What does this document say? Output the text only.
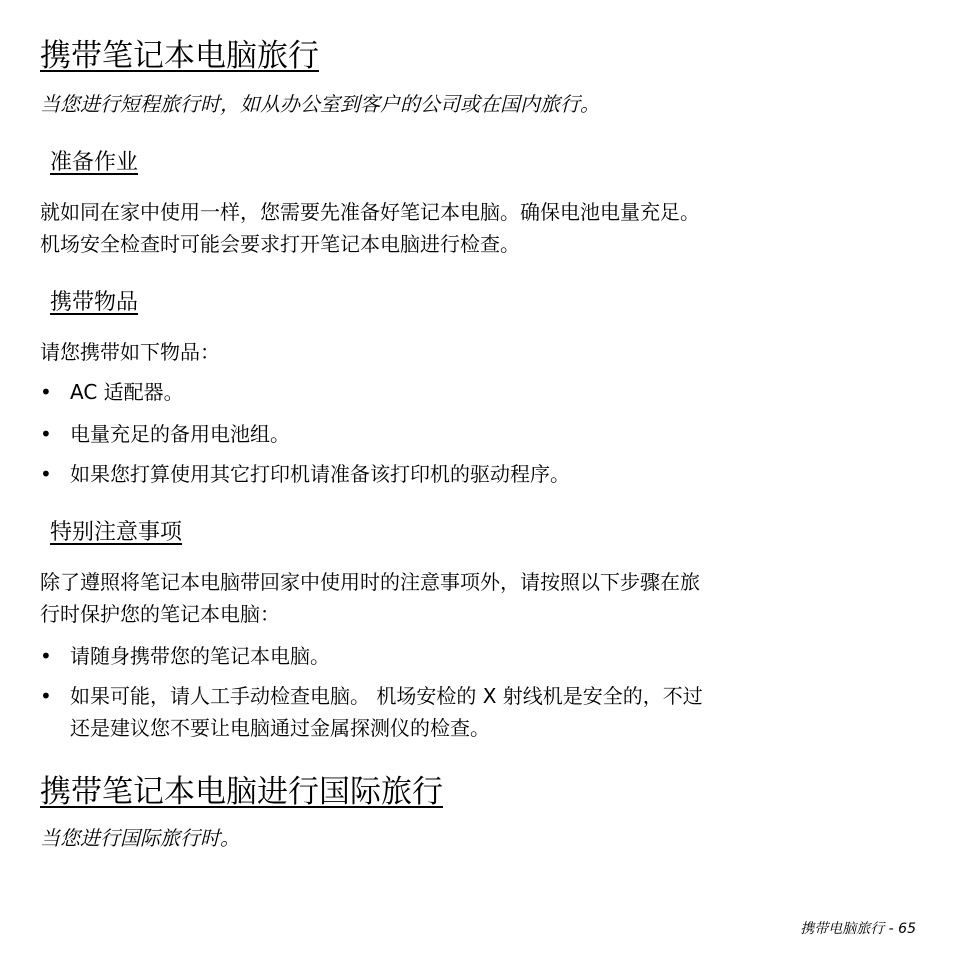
携带笔记本电脑旅行
当您进行短程旅行时，如从办公室到客户的公司或在国内旅行。
准备作业
就如同在家中使用一样，您需要先准备好笔记本电脑。确保电池电量充足。
机场安全检查时可能会要求打开笔记本电脑进行检查。
携带物品
请您携带如下物品：
• AC 适配器。
• 电量充足的备用电池组。
• 如果您打算使用其它打印机请准备该打印机的驱动程序。
特别注意事项
除了遵照将笔记本电脑带回家中使用时的注意事项外，请按照以下步骤在旅
行时保护您的笔记本电脑：
• 请随身携带您的笔记本电脑。
• 如果可能，请人工手动检查电脑。 机场安检的 X 射线机是安全的，不过
还是建议您不要让电脑通过金属探测仪的检查。
携带笔记本电脑进行国际旅行
当您进行国际旅行时。
携带电脑旅行 - 65
